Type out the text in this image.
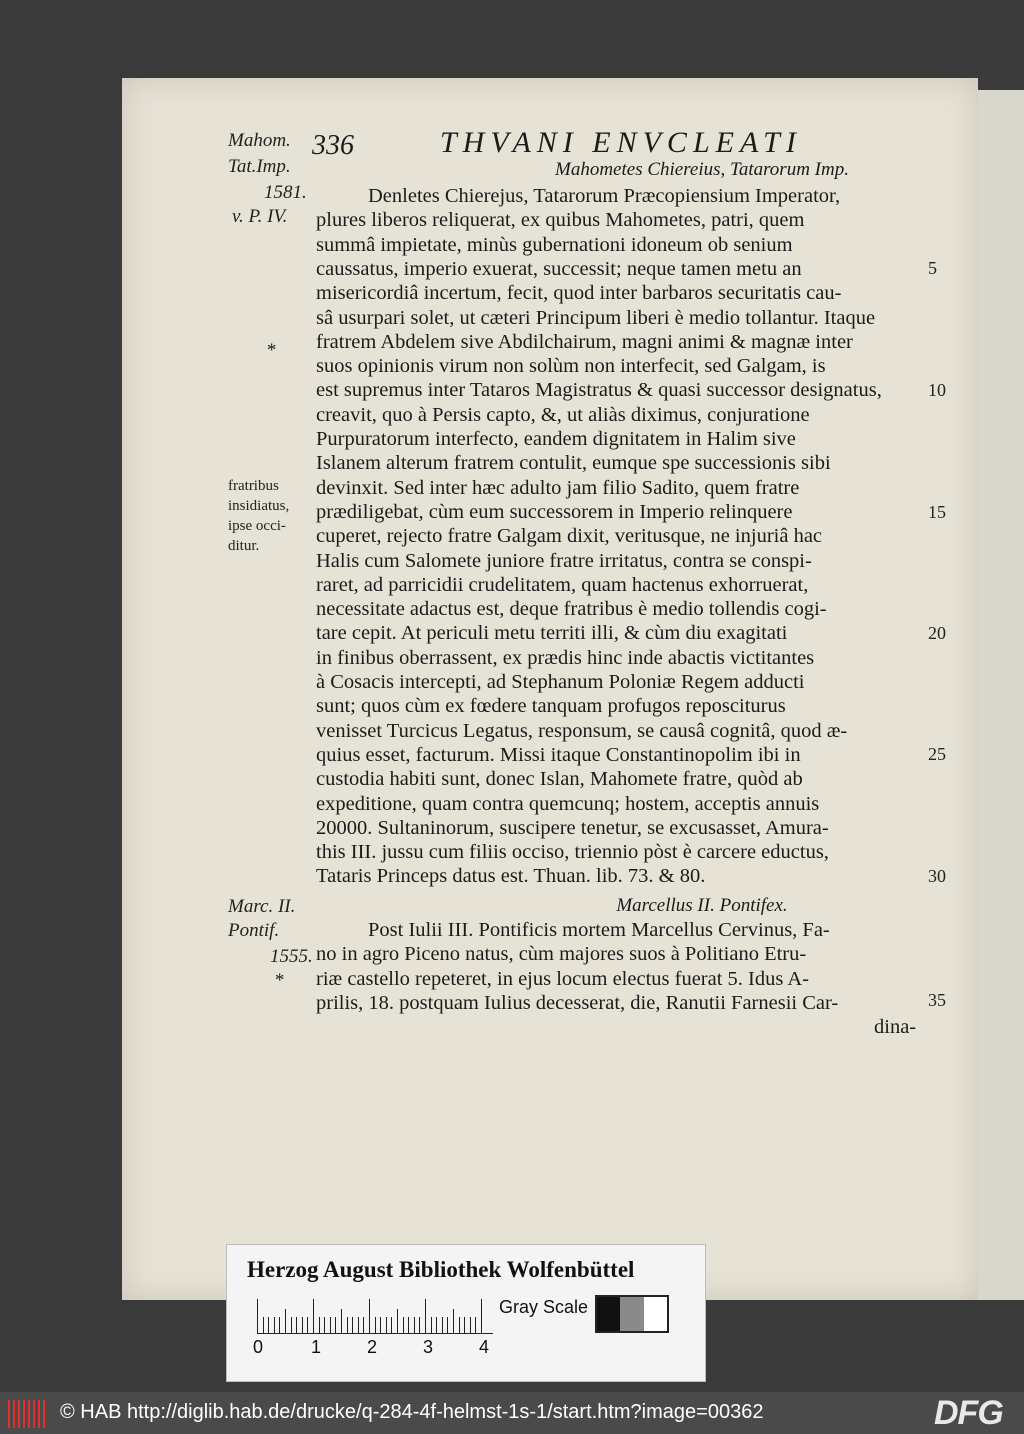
336	THVANI ENVCLEATI
Mahom.
Tat.Imp.
1581.
v. P. IV.
*
fratribus
insidiatus,
ipse occi-
ditur.
Marc. II.
Pontif.
1555.
*
Mahometes Chiereius, Tatarorum Imp.
Denletes Chierejus, Tatarorum Præcopiensium Imperator,
plures liberos reliquerat, ex quibus Mahometes, patri, quem
summâ impietate, minùs gubernationi idoneum ob senium
caussatus, imperio exuerat, successit; neque tamen metu an
misericordiâ incertum, fecit, quod inter barbaros securitatis cau-
sâ usurpari solet, ut cæteri Principum liberi è medio tollantur. Itaque
fratrem Abdelem sive Abdilchairum, magni animi & magnæ inter
suos opinionis virum non solùm non interfecit, sed Galgam, is
est supremus inter Tataros Magistratus & quasi successor designatus,
creavit, quo à Persis capto, &, ut aliàs diximus, conjuratione
Purpuratorum interfecto, eandem dignitatem in Halim sive
Islanem alterum fratrem contulit, eumque spe successionis sibi
devinxit. Sed inter hæc adulto jam filio Sadito, quem fratre
prædiligebat, cùm eum successorem in Imperio relinquere
cuperet, rejecto fratre Galgam dixit, veritusque, ne injuriâ hac
Halis cum Salomete juniore fratre irritatus, contra se conspi-
raret, ad parricidii crudelitatem, quam hactenus exhorruerat,
necessitate adactus est, deque fratribus è medio tollendis cogi-
tare cepit. At periculi metu territi illi, & cùm diu exagitati
in finibus oberrassent, ex prædis hinc inde abactis victitantes
à Cosacis intercepti, ad Stephanum Poloniæ Regem adducti
sunt; quos cùm ex fœdere tanquam profugos reposciturus
venisset Turcicus Legatus, responsum, se causâ cognitâ, quod æ-
quius esset, facturum. Missi itaque Constantinopolim ibi in
custodia habiti sunt, donec Islan, Mahomete fratre, quòd ab
expeditione, quam contra quemcunq; hostem, acceptis annuis
20000. Sultaninorum, suscipere tenetur, se excusasset, Amura-
this III. jussu cum filiis occiso, triennio pòst è carcere eductus,
Tataris Princeps datus est. Thuan. lib. 73. & 80.
Marcellus II. Pontifex.
Post Iulii III. Pontificis mortem Marcellus Cervinus, Fa-
no in agro Piceno natus, cùm majores suos à Politiano Etru-
riæ castello repeteret, in ejus locum electus fuerat 5. Idus A-
prilis, 18. postquam Iulius decesserat, die, Ranutii Farnesii Car-
dina-
5
10
15
20
25
30
35
Herzog August Bibliothek Wolfenbüttel
0	1	2	3	4
Gray Scale
© HAB http://diglib.hab.de/drucke/q-284-4f-helmst-1s-1/start.htm?image=00362	DFG
